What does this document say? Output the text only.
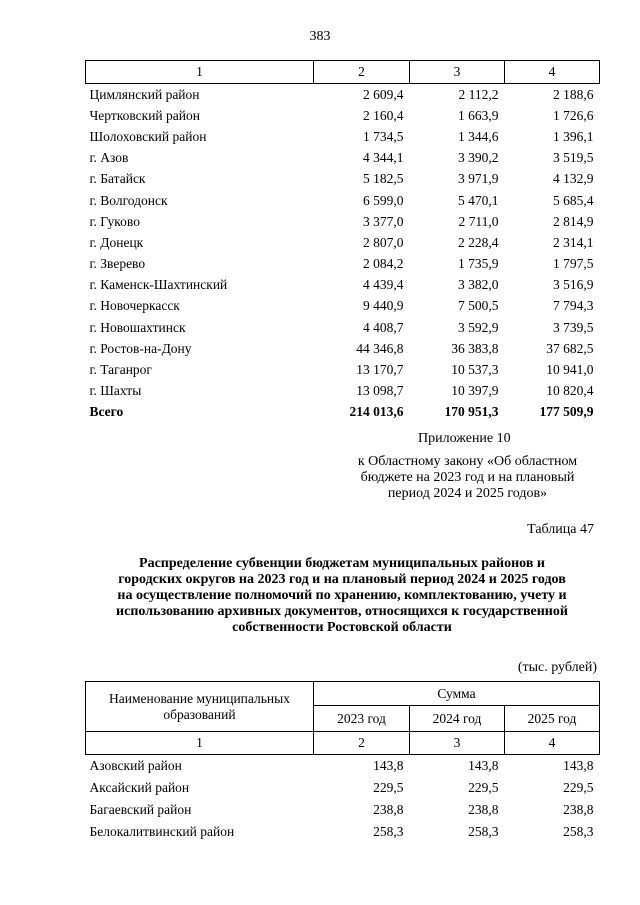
383
1	2	3	4
Цимлянский район	2 609,4	2 112,2	2 188,6
Чертковский район	2 160,4	1 663,9	1 726,6
Шолоховский район	1 734,5	1 344,6	1 396,1
г. Азов	4 344,1	3 390,2	3 519,5
г. Батайск	5 182,5	3 971,9	4 132,9
г. Волгодонск	6 599,0	5 470,1	5 685,4
г. Гуково	3 377,0	2 711,0	2 814,9
г. Донецк	2 807,0	2 228,4	2 314,1
г. Зверево	2 084,2	1 735,9	1 797,5
г. Каменск-Шахтинский	4 439,4	3 382,0	3 516,9
г. Новочеркасск	9 440,9	7 500,5	7 794,3
г. Новошахтинск	4 408,7	3 592,9	3 739,5
г. Ростов-на-Дону	44 346,8	36 383,8	37 682,5
г. Таганрог	13 170,7	10 537,3	10 941,0
г. Шахты	13 098,7	10 397,9	10 820,4
Всего	214 013,6	170 951,3	177 509,9
Приложение 10
к Областному закону «Об областном
бюджете на 2023 год и на плановый
период 2024 и 2025 годов»
Таблица 47
Распределение субвенции бюджетам муниципальных районов и
городских округов на 2023 год и на плановый период 2024 и 2025 годов
на осуществление полномочий по хранению, комплектованию, учету и
использованию архивных документов, относящихся к государственной
собственности Ростовской области
(тыс. рублей)
Наименование муниципальных
образований	Сумма		
	2023 год	2024 год	2025 год
1	2	3	4
Азовский район	143,8	143,8	143,8
Аксайский район	229,5	229,5	229,5
Багаевский район	238,8	238,8	238,8
Белокалитвинский район	258,3	258,3	258,3
